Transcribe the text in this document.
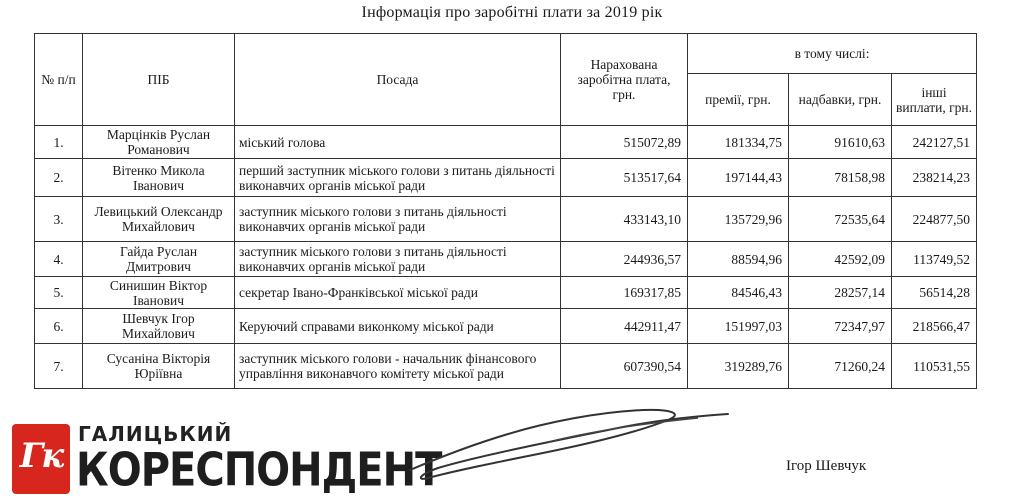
Інформація про заробітні плати за 2019 рік
№ п/п	ПІБ	Посада	Нарахована заробітна плата, грн.	в тому числі:		
				премії, грн.	надбавки, грн.	інші виплати, грн.
1.	Марцінків Руслан Романович	міський голова	515072,89	181334,75	91610,63	242127,51
2.	Вітенко Микола Іванович	перший заступник міського голови з питань діяльності виконавчих органів міської ради	513517,64	197144,43	78158,98	238214,23
3.	Левицький Олександр Михайлович	заступник міського голови з питань діяльності виконавчих органів міської ради	433143,10	135729,96	72535,64	224877,50
4.	Гайда Руслан Дмитрович	заступник міського голови з питань діяльності виконавчих органів міської ради	244936,57	88594,96	42592,09	113749,52
5.	Синишин Віктор Іванович	секретар Івано-Франківської міської ради	169317,85	84546,43	28257,14	56514,28
6.	Шевчук Ігор Михайлович	Керуючий справами виконкому міської ради	442911,47	151997,03	72347,97	218566,47
7.	Сусаніна Вікторія Юріївна	заступник міського голови - начальник фінансового управління виконавчого комітету міської ради	607390,54	319289,76	71260,24	110531,55
Гк
ГАЛИЦЬКИЙ
КОРЕСПОНДЕНТ	Ігор Шевчук
